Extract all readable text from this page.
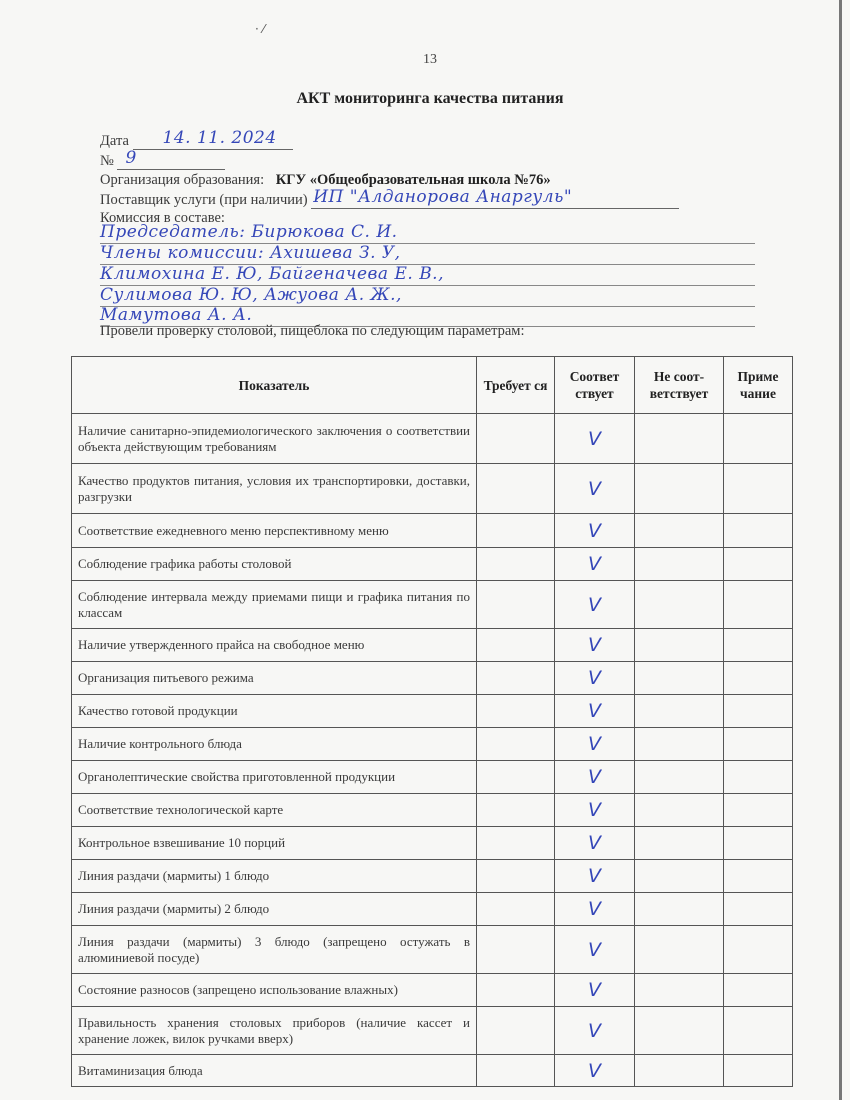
· ⁄
13
АКТ мониторинга качества питания
Дата 14. 11. 2024

№ 9

Организация образования: КГУ «Общеобразовательная школа №76»
Поставщик услуги (при наличии) ИП "Алданорова Анаргуль"

Комиссия в составе:
Председатель: Бирюкова С. И.
Члены комиссии: Ахишева З. У,
Климохина Е. Ю, Байгеначева Е. В.,
Сулимова Ю. Ю, Ажуова А. Ж.,
Мамутова А. А.
Провели проверку столовой, пищеблока по следующим параметрам:
Показатель	Требует ся	Соответ ствует	Не соот- ветствует	Приме чание
Наличие санитарно-эпидемиологического заключения о соответствии объекта действующим требованиям		V		
Качество продуктов питания, условия их транспортировки, доставки, разгрузки		V		
Соответствие ежедневного меню перспективному меню		V		
Соблюдение графика работы столовой		V		
Соблюдение интервала между приемами пищи и графика питания по классам		V		
Наличие утвержденного прайса на свободное меню		V		
Организация питьевого режима		V		
Качество готовой продукции		V		
Наличие контрольного блюда		V		
Органолептические свойства приготовленной продукции		V		
Соответствие технологической карте		V		
Контрольное взвешивание 10 порций		V		
Линия раздачи (мармиты) 1 блюдо		V		
Линия раздачи (мармиты) 2 блюдо		V		
Линия раздачи (мармиты) 3 блюдо (запрещено остужать в алюминиевой посуде)		V		
Состояние разносов (запрещено использование влажных)		V		
Правильность хранения столовых приборов (наличие кассет и хранение ложек, вилок ручками вверх)		V		
Витаминизация блюда		V		
